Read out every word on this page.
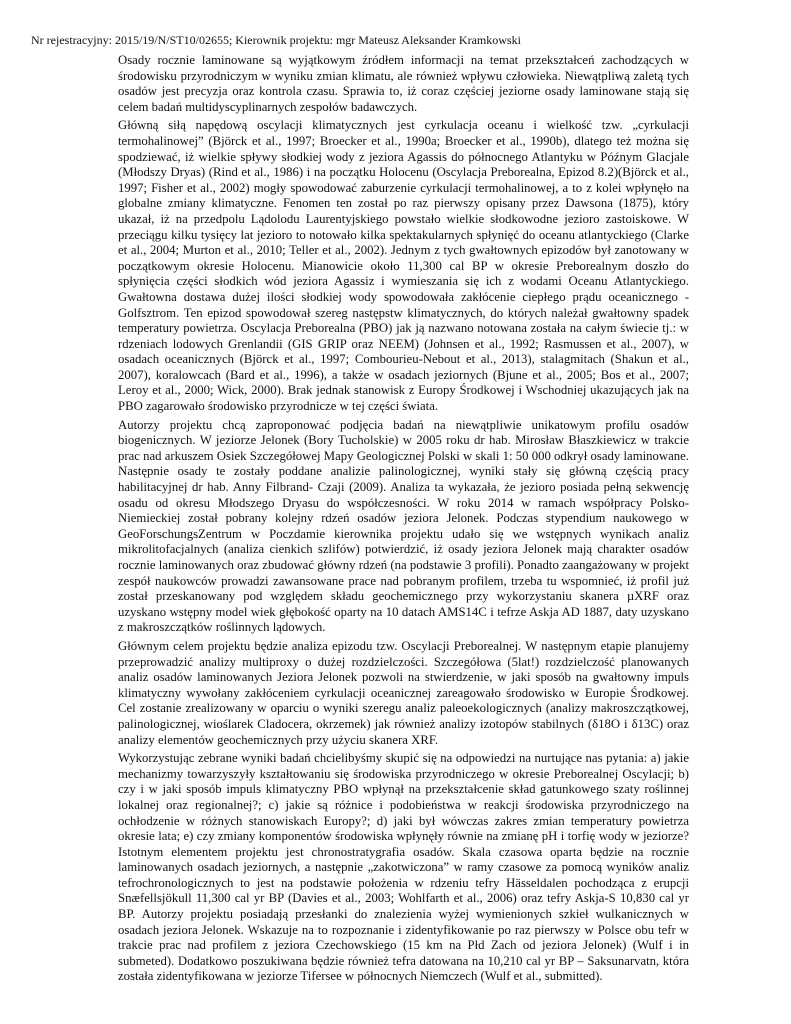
Nr rejestracyjny: 2015/19/N/ST10/02655; Kierownik projektu: mgr Mateusz Aleksander Kramkowski

Osady rocznie laminowane są wyjątkowym źródłem informacji na temat przekształceń zachodzących w środowisku przyrodniczym w wyniku zmian klimatu, ale również wpływu człowieka. Niewątpliwą zaletą tych osadów jest precyzja oraz kontrola czasu. Sprawia to, iż coraz częściej jeziorne osady laminowane stają się celem badań multidyscyplinarnych zespołów badawczych.

Główną siłą napędową oscylacji klimatycznych jest cyrkulacja oceanu i wielkość tzw. „cyrkulacji termohalinowej” (Björck et al., 1997; Broecker et al., 1990a; Broecker et al., 1990b), dlatego też można się spodziewać, iż wielkie spływy słodkiej wody z jeziora Agassis do północnego Atlantyku w Późnym Glacjale (Młodszy Dryas) (Rind et al., 1986) i na początku Holocenu (Oscylacja Preborealna, Epizod 8.2)(Björck et al., 1997; Fisher et al., 2002) mogły spowodować zaburzenie cyrkulacji termohalinowej, a to z kolei wpłynęło na globalne zmiany klimatyczne. Fenomen ten został po raz pierwszy opisany przez Dawsona (1875), który ukazał, iż na przedpolu Lądolodu Laurentyjskiego powstało wielkie słodkowodne jezioro zastoiskowe. W przeciągu kilku tysięcy lat jezioro to notowało kilka spektakularnych spłynięć do oceanu atlantyckiego (Clarke et al., 2004; Murton et al., 2010; Teller et al., 2002). Jednym z tych gwałtownych epizodów był zanotowany w początkowym okresie Holocenu. Mianowicie około 11,300 cal BP w okresie Preborealnym doszło do spłynięcia części słodkich wód jeziora Agassiz i wymieszania się ich z wodami Oceanu Atlantyckiego. Gwałtowna dostawa dużej ilości słodkiej wody spowodowała zakłócenie ciepłego prądu oceanicznego - Golfsztrom. Ten epizod spowodował szereg następstw klimatycznych, do których należał gwałtowny spadek temperatury powietrza. Oscylacja Preborealna (PBO) jak ją nazwano notowana została na całym świecie tj.: w rdzeniach lodowych Grenlandii (GIS GRIP oraz NEEM) (Johnsen et al., 1992; Rasmussen et al., 2007), w osadach oceanicznych (Björck et al., 1997; Combourieu-Nebout et al., 2013), stalagmitach (Shakun et al., 2007), koralowcach (Bard et al., 1996), a także w osadach jeziornych (Bjune et al., 2005; Bos et al., 2007; Leroy et al., 2000; Wick, 2000). Brak jednak stanowisk z Europy Środkowej i Wschodniej ukazujących jak na PBO zagarowało środowisko przyrodnicze w tej części świata.

Autorzy projektu chcą zaproponować podjęcia badań na niewątpliwie unikatowym profilu osadów biogenicznych. W jeziorze Jelonek (Bory Tucholskie) w 2005 roku dr hab. Mirosław Błaszkiewicz w trakcie prac nad arkuszem Osiek Szczegółowej Mapy Geologicznej Polski w skali 1: 50 000 odkrył osady laminowane. Następnie osady te zostały poddane analizie palinologicznej, wyniki stały się główną częścią pracy habilitacyjnej dr hab. Anny Filbrand- Czaji (2009). Analiza ta wykazała, że jezioro posiada pełną sekwencję osadu od okresu Młodszego Dryasu do współczesności. W roku 2014 w ramach współpracy Polsko-Niemieckiej został pobrany kolejny rdzeń osadów jeziora Jelonek. Podczas stypendium naukowego w GeoForschungsZentrum w Poczdamie kierownika projektu udało się we wstępnych wynikach analiz mikrolitofacjalnych (analiza cienkich szlifów) potwierdzić, iż osady jeziora Jelonek mają charakter osadów rocznie laminowanych oraz zbudować główny rdzeń (na podstawie 3 profili). Ponadto zaangażowany w projekt zespół naukowców prowadzi zawansowane prace nad pobranym profilem, trzeba tu wspomnieć, iż profil już został przeskanowany pod względem składu geochemicznego przy wykorzystaniu skanera µXRF oraz uzyskano wstępny model wiek głębokość oparty na 10 datach AMS14C i tefrze Askja AD 1887, daty uzyskano z makroszczątków roślinnych lądowych.

Głównym celem projektu będzie analiza epizodu tzw. Oscylacji Preborealnej. W następnym etapie planujemy przeprowadzić analizy multiproxy o dużej rozdzielczości. Szczegółowa (5lat!) rozdzielczość planowanych analiz osadów laminowanych Jeziora Jelonek pozwoli na stwierdzenie, w jaki sposób na gwałtowny impuls klimatyczny wywołany zakłóceniem cyrkulacji oceanicznej zareagowało środowisko w Europie Środkowej. Cel zostanie zrealizowany w oparciu o wyniki szeregu analiz paleoekologicznych (analizy makroszczątkowej, palinologicznej, wioślarek Cladocera, okrzemek) jak również analizy izotopów stabilnych (δ18O i δ13C) oraz analizy elementów geochemicznych przy użyciu skanera XRF.

Wykorzystując zebrane wyniki badań chcielibyśmy skupić się na odpowiedzi na nurtujące nas pytania: a) jakie mechanizmy towarzyszyły kształtowaniu się środowiska przyrodniczego w okresie Preborealnej Oscylacji; b) czy i w jaki sposób impuls klimatyczny PBO wpłynął na przekształcenie skład gatunkowego szaty roślinnej lokalnej oraz regionalnej?; c) jakie są różnice i podobieństwa w reakcji środowiska przyrodniczego na ochłodzenie w różnych stanowiskach Europy?; d) jaki był wówczas zakres zmian temperatury powietrza okresie lata; e) czy zmiany komponentów środowiska wpłynęły równie na zmianę pH i torfię wody w jeziorze? Istotnym elementem projektu jest chronostratygrafia osadów. Skala czasowa oparta będzie na rocznie laminowanych osadach jeziornych, a następnie „zakotwiczona” w ramy czasowe za pomocą wyników analiz tefrochronologicznych to jest na podstawie położenia w rdzeniu tefry Hässeldalen pochodząca z erupcji Snæfellsjökull 11,300 cal yr BP (Davies et al., 2003; Wohlfarth et al., 2006) oraz tefry Askja-S 10,830 cal yr BP. Autorzy projektu posiadają przesłanki do znalezienia wyżej wymienionych szkieł wulkanicznych w osadach jeziora Jelonek. Wskazuje na to rozpoznanie i zidentyfikowanie po raz pierwszy w Polsce obu tefr w trakcie prac nad profilem z jeziora Czechowskiego (15 km na Płd Zach od jeziora Jelonek) (Wulf i in submeted). Dodatkowo poszukiwana będzie również tefra datowana na 10,210 cal yr BP – Saksunarvatn, która została zidentyfikowana w jeziorze Tifersee w północnych Niemczech (Wulf et al., submitted).
